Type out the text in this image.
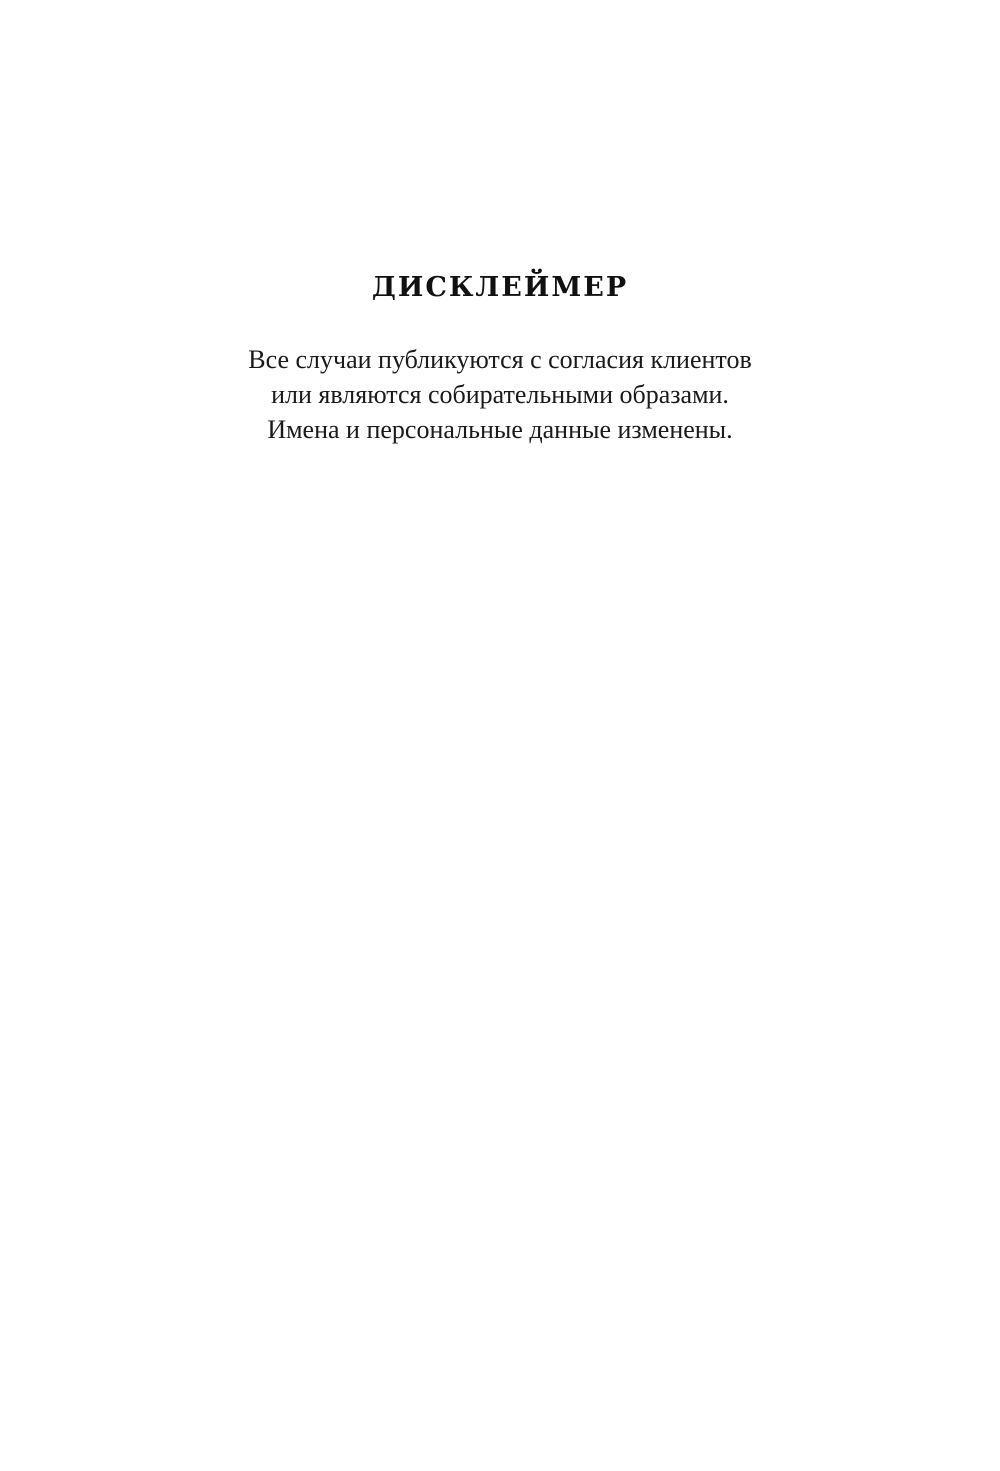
ДИСКЛЕЙМЕР
Все случаи публикуются с согласия клиентов
или являются собирательными образами.
Имена и персональные данные изменены.
